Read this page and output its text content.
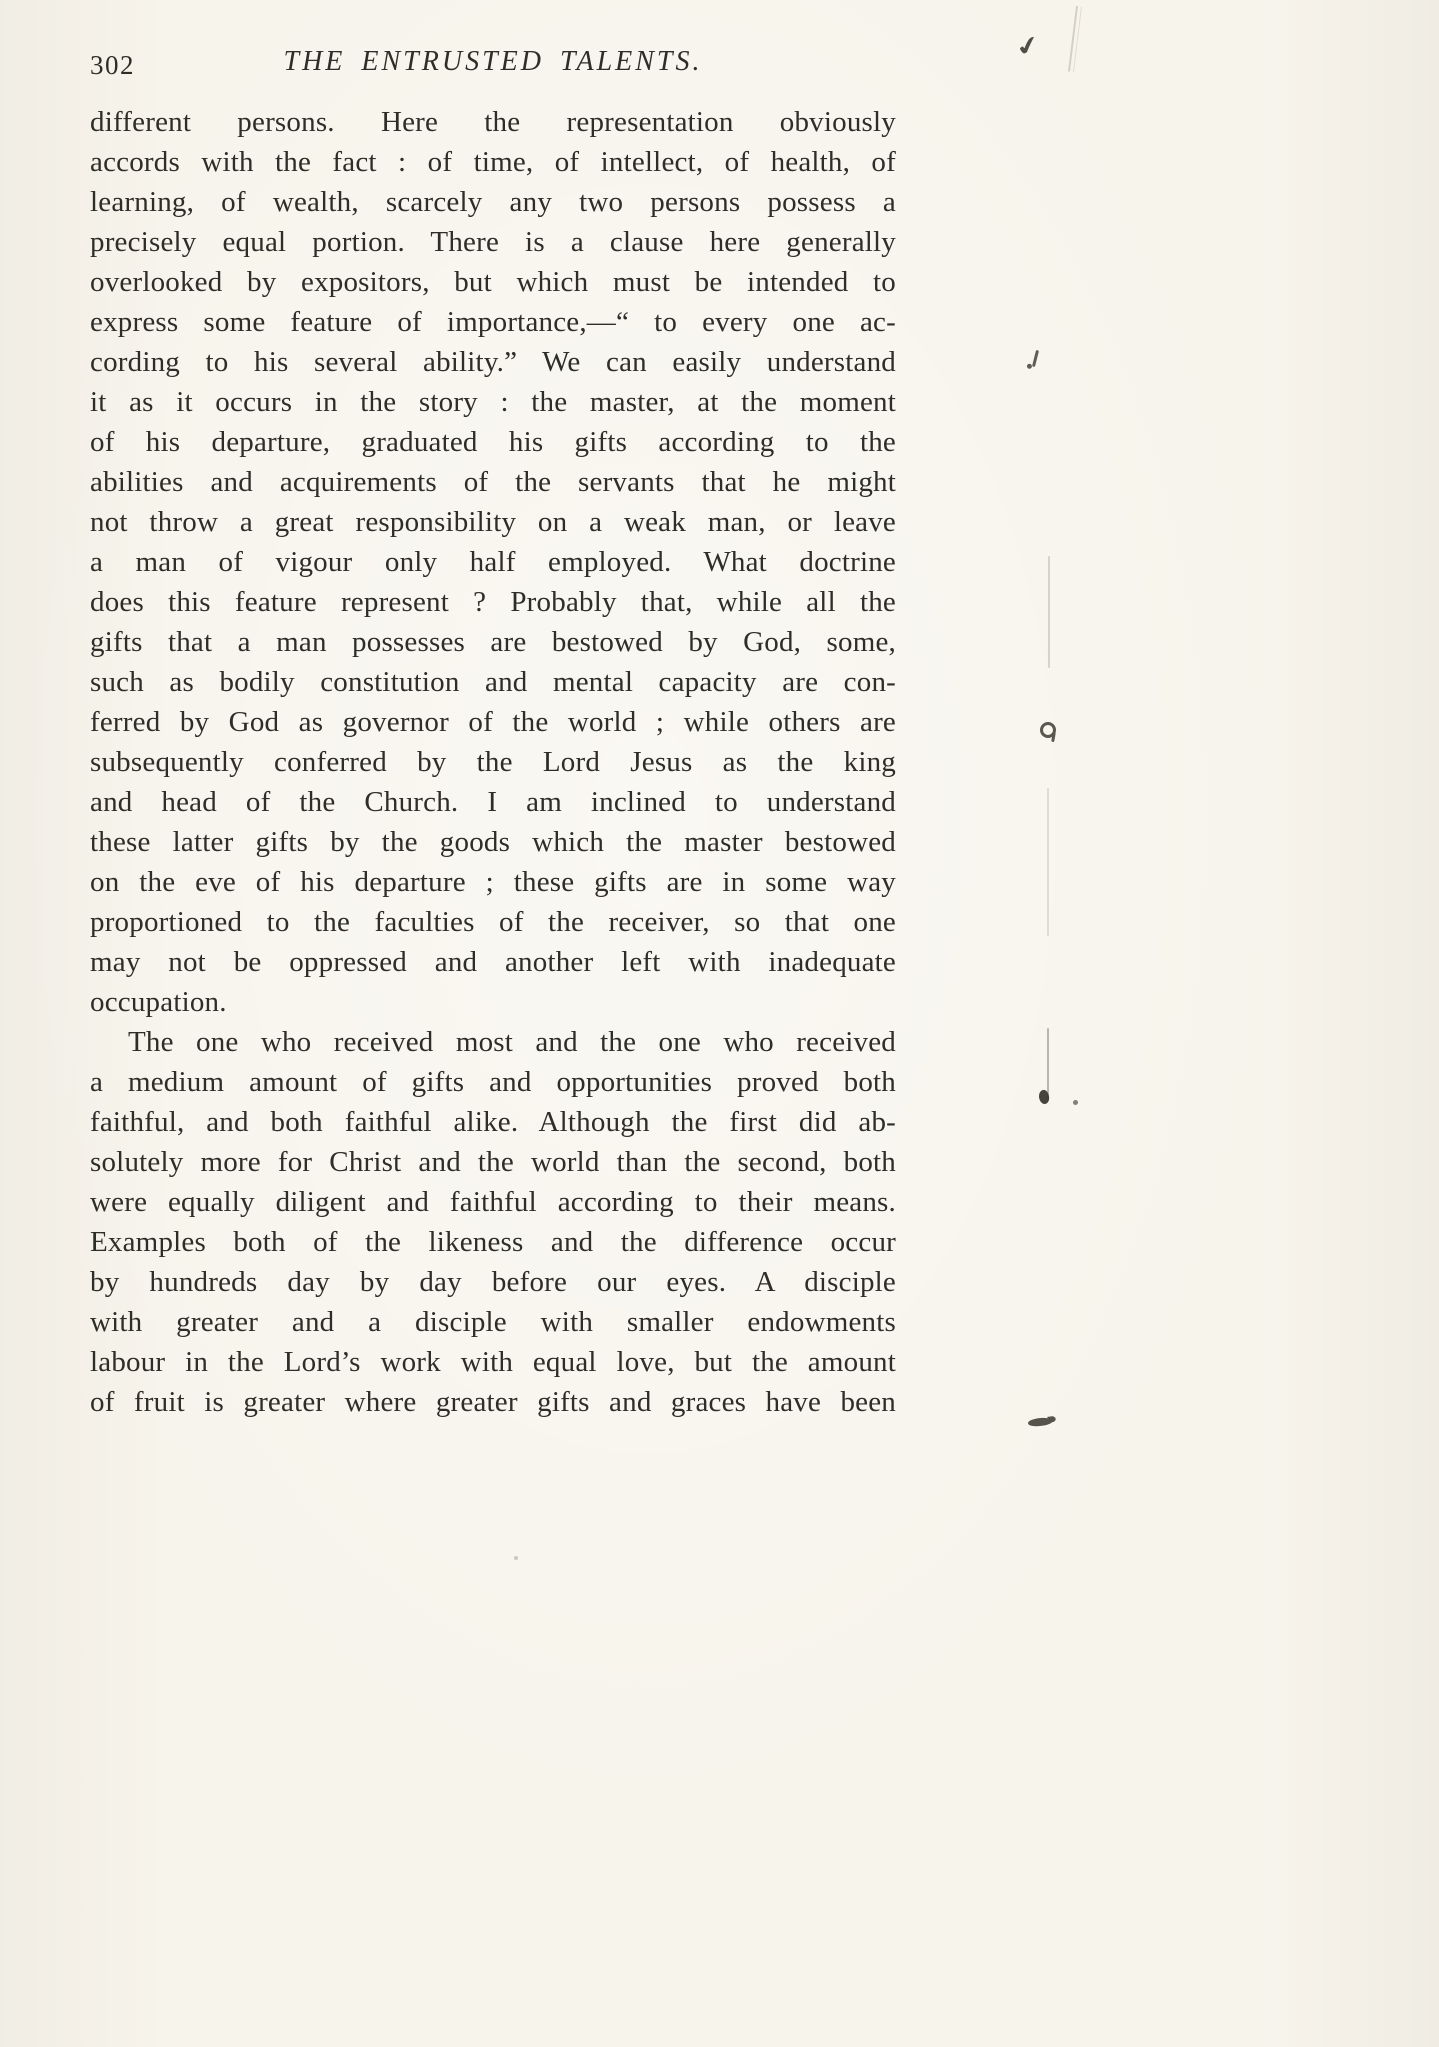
302	THE ENTRUSTED TALENTS.
different persons. Here the representation obviously
accords with the fact : of time, of intellect, of health, of
learning, of wealth, scarcely any two persons possess a
precisely equal portion. There is a clause here generally
overlooked by expositors, but which must be intended to
express some feature of importance,—“ to every one ac-
cording to his several ability.” We can easily understand
it as it occurs in the story : the master, at the moment
of his departure, graduated his gifts according to the
abilities and acquirements of the servants that he might
not throw a great responsibility on a weak man, or leave
a man of vigour only half employed. What doctrine
does this feature represent ? Probably that, while all the
gifts that a man possesses are bestowed by God, some,
such as bodily constitution and mental capacity are con-
ferred by God as governor of the world ; while others are
subsequently conferred by the Lord Jesus as the king
and head of the Church. I am inclined to understand
these latter gifts by the goods which the master bestowed
on the eve of his departure ; these gifts are in some way
proportioned to the faculties of the receiver, so that one
may not be oppressed and another left with inadequate
occupation.
The one who received most and the one who received
a medium amount of gifts and opportunities proved both
faithful, and both faithful alike. Although the first did ab-
solutely more for Christ and the world than the second, both
were equally diligent and faithful according to their means.
Examples both of the likeness and the difference occur
by hundreds day by day before our eyes. A disciple
with greater and a disciple with smaller endowments
labour in the Lord’s work with equal love, but the amount
of fruit is greater where greater gifts and graces have been
✔
